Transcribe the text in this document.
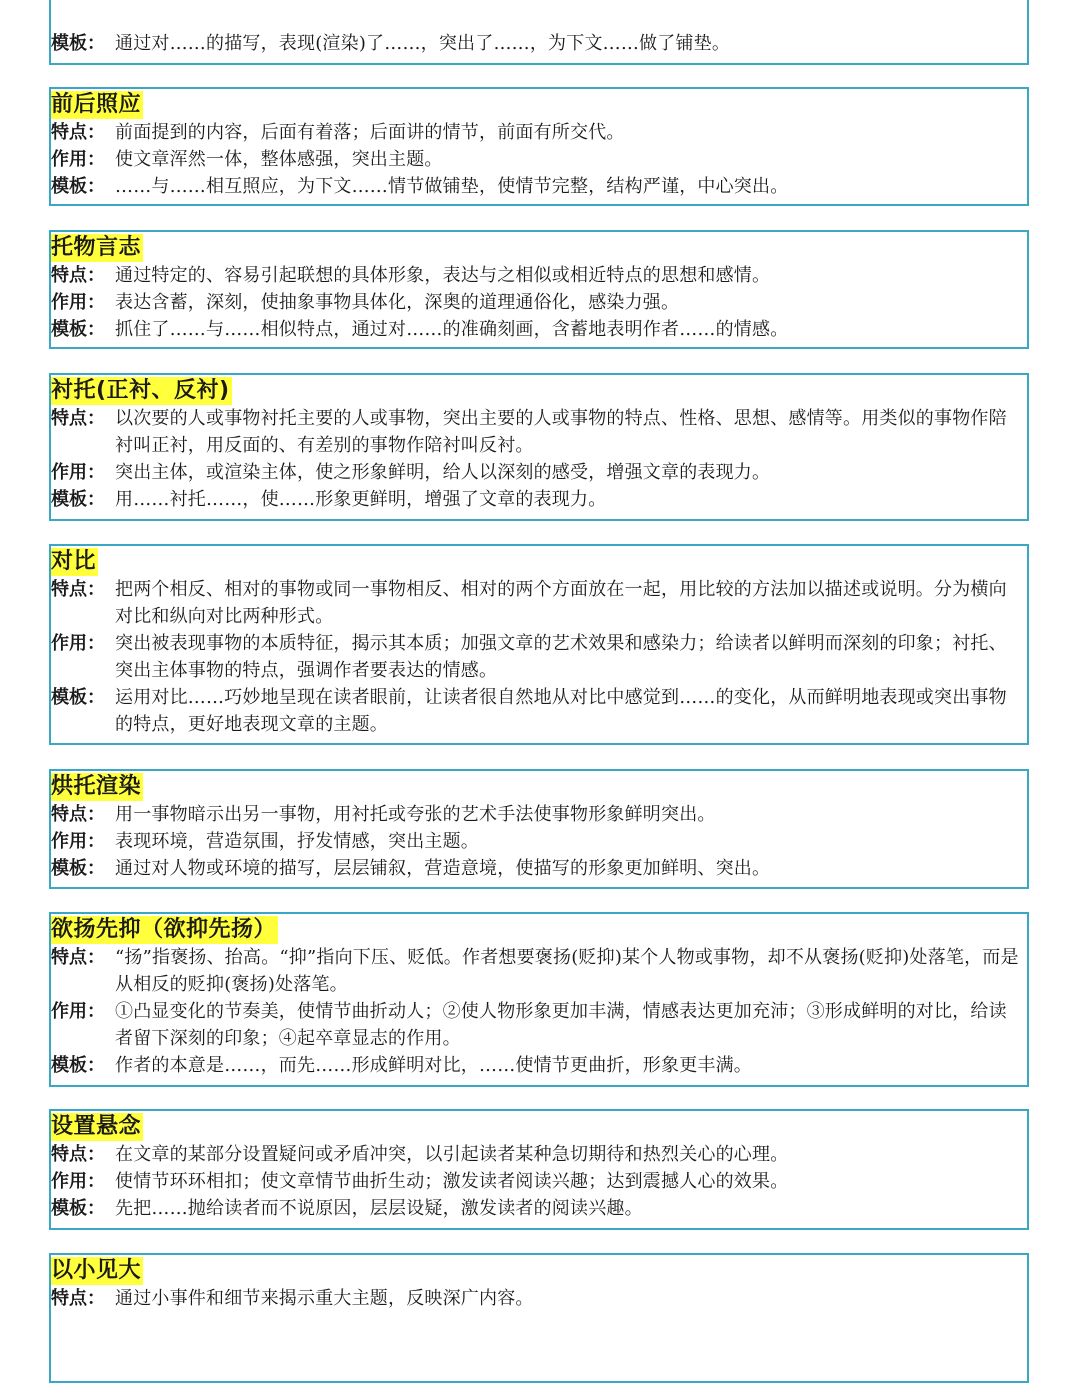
模板： 通过对……的描写，表现(渲染)了……，突出了……，为下文……做了铺垫。
前后照应
特点： 前面提到的内容，后面有着落；后面讲的情节，前面有所交代。
作用： 使文章浑然一体，整体感强，突出主题。
模板： ……与……相互照应，为下文……情节做铺垫，使情节完整，结构严谨，中心突出。
托物言志
特点： 通过特定的、容易引起联想的具体形象，表达与之相似或相近特点的思想和感情。
作用： 表达含蓄，深刻，使抽象事物具体化，深奥的道理通俗化，感染力强。
模板： 抓住了……与……相似特点，通过对……的准确刻画，含蓄地表明作者……的情感。
衬托(正衬、反衬)
特点： 以次要的人或事物衬托主要的人或事物，突出主要的人或事物的特点、性格、思想、感情等。用类似的事物作陪衬叫正衬，用反面的、有差别的事物作陪衬叫反衬。
作用： 突出主体，或渲染主体，使之形象鲜明，给人以深刻的感受，增强文章的表现力。
模板： 用……衬托……，使……形象更鲜明，增强了文章的表现力。
对比
特点： 把两个相反、相对的事物或同一事物相反、相对的两个方面放在一起，用比较的方法加以描述或说明。分为横向对比和纵向对比两种形式。
作用： 突出被表现事物的本质特征，揭示其本质；加强文章的艺术效果和感染力；给读者以鲜明而深刻的印象；衬托、突出主体事物的特点，强调作者要表达的情感。
模板： 运用对比……巧妙地呈现在读者眼前，让读者很自然地从对比中感觉到……的变化，从而鲜明地表现或突出事物的特点，更好地表现文章的主题。
烘托渲染
特点： 用一事物暗示出另一事物，用衬托或夸张的艺术手法使事物形象鲜明突出。
作用： 表现环境，营造氛围，抒发情感，突出主题。
模板： 通过对人物或环境的描写，层层铺叙，营造意境，使描写的形象更加鲜明、突出。
欲扬先抑（欲抑先扬）
特点： “扬”指褒扬、抬高。“抑”指向下压、贬低。作者想要褒扬(贬抑)某个人物或事物，却不从褒扬(贬抑)处落笔，而是从相反的贬抑(褒扬)处落笔。
作用： ①凸显变化的节奏美，使情节曲折动人；②使人物形象更加丰满，情感表达更加充沛；③形成鲜明的对比，给读者留下深刻的印象；④起卒章显志的作用。
模板： 作者的本意是……，而先……形成鲜明对比，……使情节更曲折，形象更丰满。
设置悬念
特点： 在文章的某部分设置疑问或矛盾冲突，以引起读者某种急切期待和热烈关心的心理。
作用： 使情节环环相扣；使文章情节曲折生动；激发读者阅读兴趣；达到震撼人心的效果。
模板： 先把……抛给读者而不说原因，层层设疑，激发读者的阅读兴趣。
以小见大
特点： 通过小事件和细节来揭示重大主题，反映深广内容。
